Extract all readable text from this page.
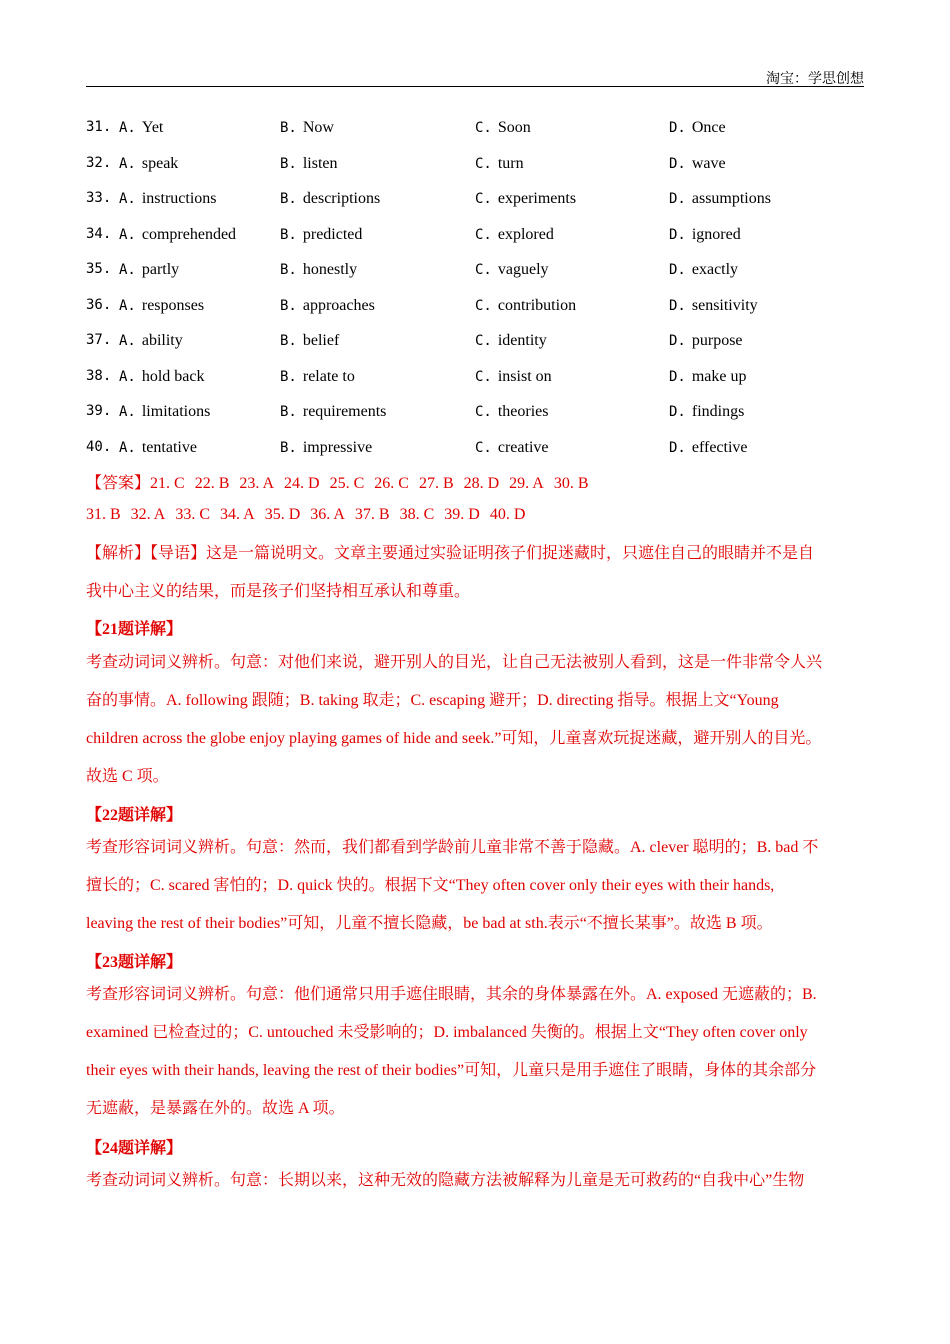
淘宝：学思创想
31. A. Yet	B. Now	C. Soon	D. Once
32. A. speak	B. listen	C. turn	D. wave
33. A. instructions	B. descriptions	C. experiments	D. assumptions
34. A. comprehended	B. predicted	C. explored	D. ignored
35. A. partly	B. honestly	C. vaguely	D. exactly
36. A. responses	B. approaches	C. contribution	D. sensitivity
37. A. ability	B. belief	C. identity	D. purpose
38. A. hold back	B. relate to	C. insist on	D. make up
39. A. limitations	B. requirements	C. theories	D. findings
40. A. tentative	B. impressive	C. creative	D. effective
【答案】21. C 22. B 23. A 24. D 25. C 26. C 27. B 28. D 29. A 30. B
31. B 32. A 33. C 34. A 35. D 36. A 37. B 38. C 39. D 40. D
【解析】【导语】这是一篇说明文。文章主要通过实验证明孩子们捉迷藏时，只遮住自己的眼睛并不是自
我中心主义的结果，而是孩子们坚持相互承认和尊重。
【21题详解】
考查动词词义辨析。句意：对他们来说，避开别人的目光，让自己无法被别人看到，这是一件非常令人兴
奋的事情。A. following 跟随；B. taking 取走；C. escaping 避开；D. directing 指导。根据上文“Young
children across the globe enjoy playing games of hide and seek.”可知，儿童喜欢玩捉迷藏，避开别人的目光。
故选 C 项。
【22题详解】
考查形容词词义辨析。句意：然而，我们都看到学龄前儿童非常不善于隐藏。A. clever 聪明的；B. bad 不
擅长的；C. scared 害怕的；D. quick 快的。根据下文“They often cover only their eyes with their hands,
leaving the rest of their bodies”可知，儿童不擅长隐藏，be bad at sth.表示“不擅长某事”。故选 B 项。
【23题详解】
考查形容词词义辨析。句意：他们通常只用手遮住眼睛，其余的身体暴露在外。A. exposed 无遮蔽的；B.
examined 已检查过的；C. untouched 未受影响的；D. imbalanced 失衡的。根据上文“They often cover only
their eyes with their hands, leaving the rest of their bodies”可知，儿童只是用手遮住了眼睛，身体的其余部分
无遮蔽，是暴露在外的。故选 A 项。
【24题详解】
考查动词词义辨析。句意：长期以来，这种无效的隐藏方法被解释为儿童是无可救药的“自我中心”生物
